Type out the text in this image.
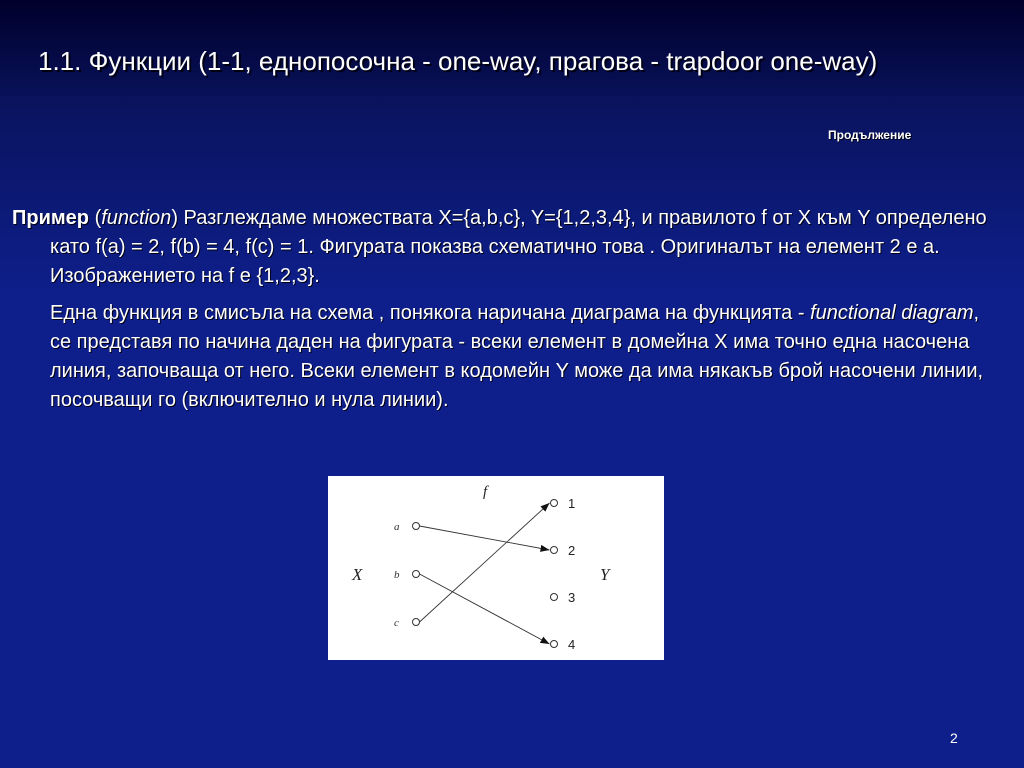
1.1. Функции (1-1, еднопосочна - one-way, прагова - trapdoor one-way)
Продължение

Пример (function) Разглеждаме множествата X={a,b,c}, Y={1,2,3,4}, и правилото f от X към Y определено като f(a) = 2, f(b) = 4, f(c) = 1. Фигурата показва схематично това . Оригиналът на елемент 2 е а. Изображението на f е {1,2,3}.

Една функция в смисъла на схема , понякога наричана диаграма на функцията - functional diagram, се представя по начина даден на фигурата - всеки елемент в домейна X има точно една насочена линия, започваща от него. Всеки елемент в кодомейн Y може да има някакъв брой насочени линии, посочващи го (включително и нула линии).

a
b
c
1
2
3
4
f
X	Y
2
